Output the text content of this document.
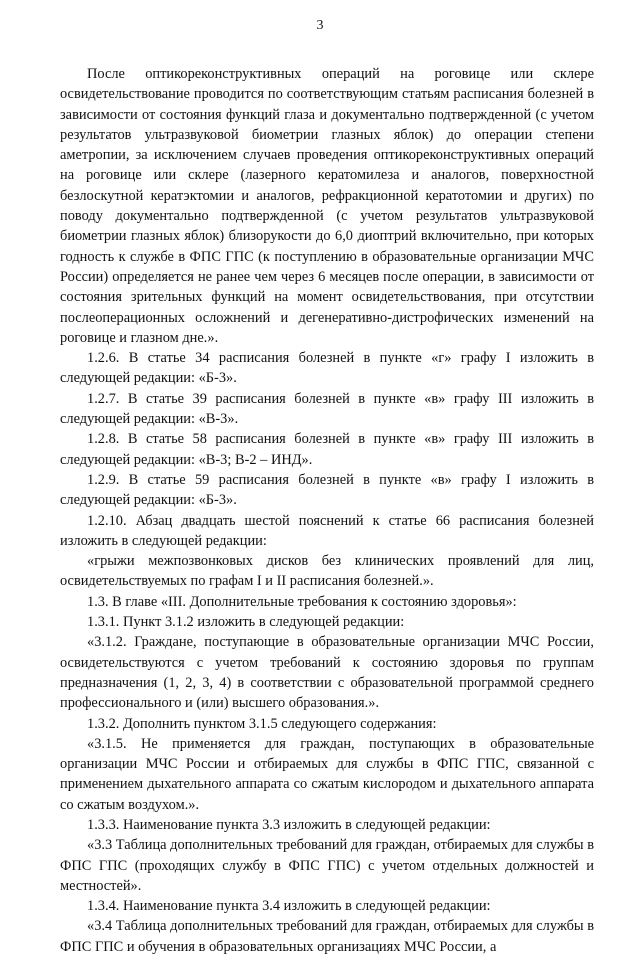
3

После оптикореконструктивных операций на роговице или склере освидетельствование проводится по соответствующим статьям расписания болезней в зависимости от состояния функций глаза и документально подтвержденной (с учетом результатов ультразвуковой биометрии глазных яблок) до операции степени аметропии, за исключением случаев проведения оптикореконструктивных операций на роговице или склере (лазерного кератомилеза и аналогов, поверхностной безлоскутной кератэктомии и аналогов, рефракционной кератотомии и других) по поводу документально подтвержденной (с учетом результатов ультразвуковой биометрии глазных яблок) близорукости до 6,0 диоптрий включительно, при которых годность к службе в ФПС ГПС (к поступлению в образовательные организации МЧС России) определяется не ранее чем через 6 месяцев после операции, в зависимости от состояния зрительных функций на момент освидетельствования, при отсутствии послеоперационных осложнений и дегенеративно-дистрофических изменений на роговице и глазном дне.».

1.2.6. В статье 34 расписания болезней в пункте «г» графу I изложить в следующей редакции: «Б-3».

1.2.7. В статье 39 расписания болезней в пункте «в» графу III изложить в следующей редакции: «В-3».

1.2.8. В статье 58 расписания болезней в пункте «в» графу III изложить в следующей редакции: «В-3; В-2 – ИНД».

1.2.9. В статье 59 расписания болезней в пункте «в» графу I изложить в следующей редакции: «Б-3».

1.2.10. Абзац двадцать шестой пояснений к статье 66 расписания болезней изложить в следующей редакции:

«грыжи межпозвонковых дисков без клинических проявлений для лиц, освидетельствуемых по графам I и II расписания болезней.».

1.3. В главе «III. Дополнительные требования к состоянию здоровья»:

1.3.1. Пункт 3.1.2 изложить в следующей редакции:

«3.1.2. Граждане, поступающие в образовательные организации МЧС России, освидетельствуются с учетом требований к состоянию здоровья по группам предназначения (1, 2, 3, 4) в соответствии с образовательной программой среднего профессионального и (или) высшего образования.».

1.3.2. Дополнить пунктом 3.1.5 следующего содержания:

«3.1.5. Не применяется для граждан, поступающих в образовательные организации МЧС России и отбираемых для службы в ФПС ГПС, связанной с применением дыхательного аппарата со сжатым кислородом и дыхательного аппарата со сжатым воздухом.».

1.3.3. Наименование пункта 3.3 изложить в следующей редакции:

«3.3 Таблица дополнительных требований для граждан, отбираемых для службы в ФПС ГПС (проходящих службу в ФПС ГПС) с учетом отдельных должностей и местностей».

1.3.4. Наименование пункта 3.4 изложить в следующей редакции:

«3.4 Таблица дополнительных требований для граждан, отбираемых для службы в ФПС ГПС и обучения в образовательных организациях МЧС России, а
